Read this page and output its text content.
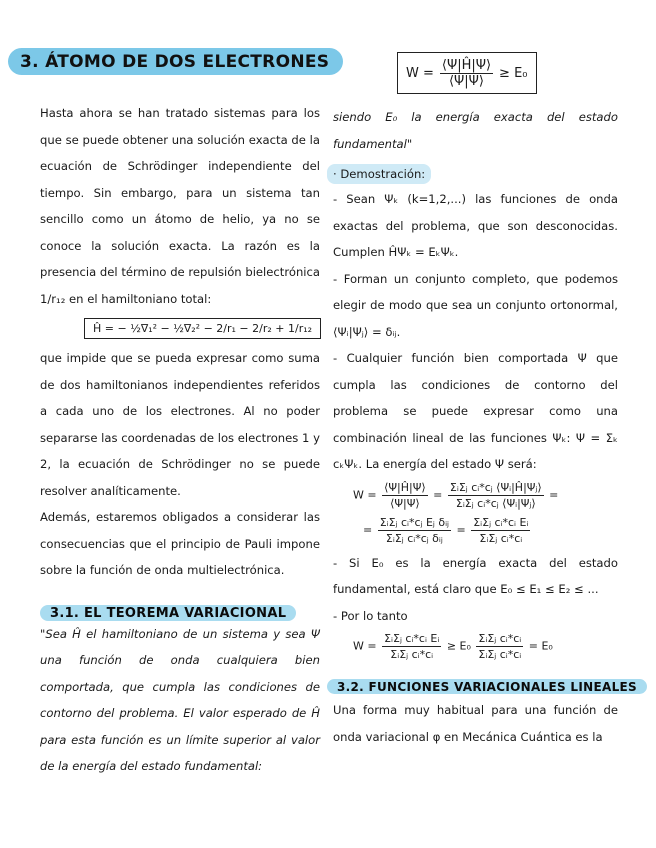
3. ÁTOMO DE DOS ELECTRONES
$W = \frac{⟨\Psi|Ĥ|\Psi⟩}{⟨\Psi|\Psi⟩} \ge E_0$

Hasta ahora se han tratado sistemas para los que se puede obtener una solución exacta de la ecuación de Schrödinger independiente del tiempo. Sin embargo, para un sistema tan sencillo como un átomo de helio, ya no se conoce la solución exacta. La razón es la presencia del término de repulsión bielectrónica 1/r₁₂ en el hamiltoniano total:

Ĥ = − ½∇₁² − ½∇₂² − 2/r₁ − 2/r₂ + 1/r₁₂

que impide que se pueda expresar como suma de dos hamiltonianos independientes referidos a cada uno de los electrones. Al no poder separarse las coordenadas de los electrones 1 y 2, la ecuación de Schrödinger no se puede resolver analíticamente.

Además, estaremos obligados a considerar las consecuencias que el principio de Pauli impone sobre la función de onda multielectrónica.

3.1. EL TEOREMA VARIACIONAL

"Sea Ĥ el hamiltoniano de un sistema y sea Ψ una función de onda cualquiera bien comportada, que cumpla las condiciones de contorno del problema. El valor esperado de Ĥ para esta función es un límite superior al valor de la energía del estado fundamental:

siendo E₀ la energía exacta del estado fundamental"

· Demostración:

- Sean Ψₖ (k=1,2,...) las funciones de onda exactas del problema, que son desconocidas. Cumplen ĤΨₖ = EₖΨₖ.

- Forman un conjunto completo, que podemos elegir de modo que sea un conjunto ortonormal, ⟨Ψᵢ|Ψⱼ⟩ = δᵢⱼ.

- Cualquier función bien comportada Ψ que cumpla las condiciones de contorno del problema se puede expresar como una combinación lineal de las funciones Ψₖ: Ψ = Σₖ cₖΨₖ. La energía del estado Ψ será:

$W = \frac{⟨\Psi|Ĥ|\Psi⟩}{⟨\Psi|\Psi⟩} = \frac{\text{ΣᵢΣⱼ cᵢ*cⱼ ⟨Ψᵢ|Ĥ|Ψⱼ⟩}}{\text{ΣᵢΣⱼ cᵢ*cⱼ ⟨Ψᵢ|Ψⱼ⟩}}$ =
= $\frac{\text{ΣᵢΣⱼ cᵢ*cⱼ Eⱼ δᵢⱼ}}{\text{ΣᵢΣⱼ cᵢ*cⱼ δᵢⱼ}} = \frac{\text{ΣᵢΣⱼ cᵢ*cᵢ Eᵢ}}{\text{ΣᵢΣⱼ cᵢ*cᵢ}}$

- Si E₀ es la energía exacta del estado fundamental, está claro que E₀ ≤ E₁ ≤ E₂ ≤ ...

- Por lo tanto

$W = \frac{\text{ΣᵢΣⱼ cᵢ*cᵢ Eᵢ}}{\text{ΣᵢΣⱼ cᵢ*cᵢ}} \ge E_0 \frac{\text{ΣᵢΣⱼ cᵢ*cᵢ}}{\text{ΣᵢΣⱼ cᵢ*cᵢ}} = E_0$
3.2. FUNCIONES VARIACIONALES LINEALES

Una forma muy habitual para una función de onda variacional φ en Mecánica Cuántica es la
